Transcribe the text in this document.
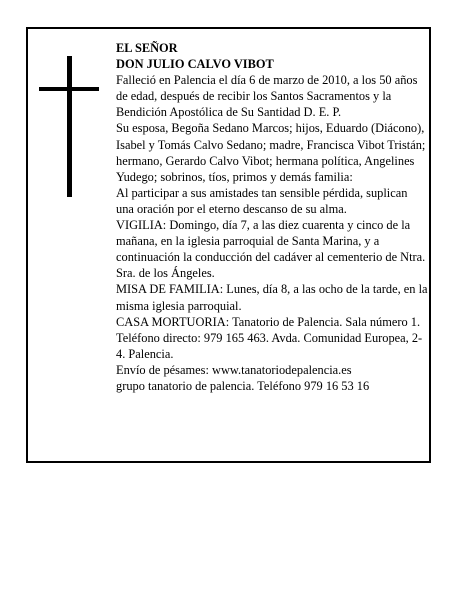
EL SEÑOR

DON JULIO CALVO VIBOT

Falleció en Palencia el día 6 de marzo de 2010, a los 50 años de edad, después de recibir los Santos Sacramentos y la Bendición Apostólica de Su Santidad D. E. P.

Su esposa, Begoña Sedano Marcos; hijos, Eduardo (Diácono), Isabel y Tomás Calvo Sedano; madre, Francisca Vibot Tristán; hermano, Gerardo Calvo Vibot; hermana política, Angelines Yudego; sobrinos, tíos, primos y demás familia:

Al participar a sus amistades tan sensible pérdida, suplican una oración por el eterno descanso de su alma.

VIGILIA: Domingo, día 7, a las diez cuarenta y cinco de la mañana, en la iglesia parroquial de Santa Marina, y a continuación la conducción del cadáver al cementerio de Ntra. Sra. de los Ángeles.

MISA DE FAMILIA: Lunes, día 8, a las ocho de la tarde, en la misma iglesia parroquial.

CASA MORTUORIA: Tanatorio de Palencia. Sala número 1. Teléfono directo: 979 165 463. Avda. Comunidad Europea, 2-4. Palencia.

Envío de pésames: www.tanatoriodepalencia.es

grupo tanatorio de palencia. Teléfono 979 16 53 16
